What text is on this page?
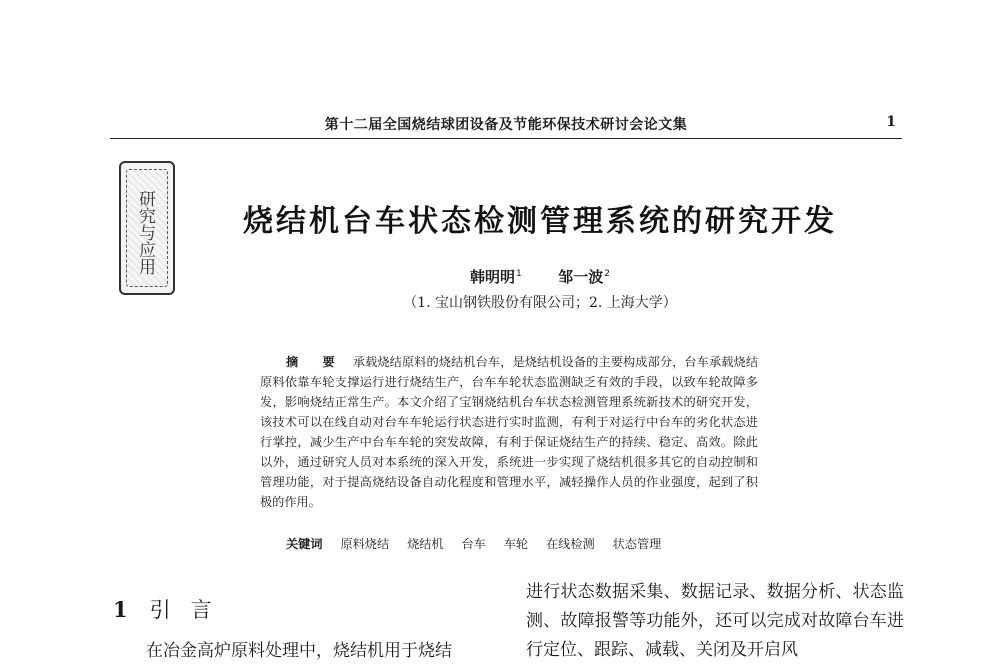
第十二届全国烧结球团设备及节能环保技术研讨会论文集	1
研究与应用	烧结机台车状态检测管理系统的研究开发
韩明明$^1$ 邹一波$^2$
（1. 宝山钢铁股份有限公司；2. 上海大学）
摘　要 承载烧结原料的烧结机台车，是烧结机设备的主要构成部分，台车承载烧结原料依靠车轮支撑运行进行烧结生产，台车车轮状态监测缺乏有效的手段，以致车轮故障多发，影响烧结正常生产。本文介绍了宝钢烧结机台车状态检测管理系统新技术的研究开发，该技术可以在线自动对台车车轮运行状态进行实时监测，有利于对运行中台车的劣化状态进行掌控，减少生产中台车车轮的突发故障，有利于保证烧结生产的持续、稳定、高效。除此以外，通过研究人员对本系统的深入开发，系统进一步实现了烧结机很多其它的自动控制和管理功能，对于提高烧结设备自动化程度和管理水平，减轻操作人员的作业强度，起到了积极的作用。
关键词 原料烧结 烧结机 台车 车轮 在线检测 状态管理
1 引言

在冶金高炉原料处理中，烧结机用于烧结

进行状态数据采集、数据记录、数据分析、状态监测、故障报警等功能外，还可以完成对故障台车进行定位、跟踪、减载、关闭及开启风
